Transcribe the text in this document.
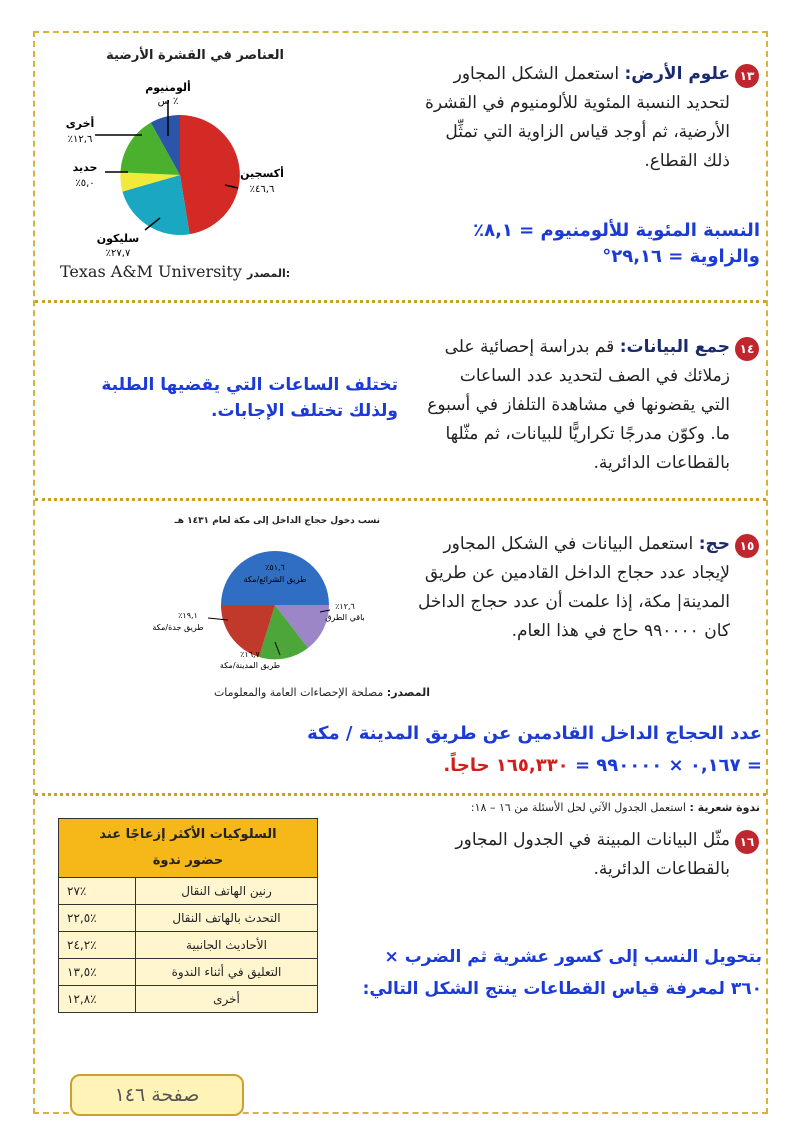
١٣
علوم الأرض: استعمل الشكل المجاور
لتحديد النسبة المئوية للألومنيوم في القشرة
الأرضية، ثم أوجد قياس الزاوية التي تمثِّل
ذلك القطاع.
النسبة المئوية للألومنيوم = ٨,١٪
والزاوية = ٢٩,١٦°
العناصر في القشرة الأرضية
ألومنيوم
س ٪
أخرى
٪١٢,٦
حديد
٪٥,٠
أكسجين
٪٤٦,٦
سليكون
٪٢٧,٧
Texas A&M University المصدر:
١٤
جمع البيانات: قم بدراسة إحصائية على
زملائك في الصف لتحديد عدد الساعات
التي يقضونها في مشاهدة التلفاز في أسبوع
ما. وكوّن مدرجًا تكراريًّا للبيانات، ثم مثّلها
بالقطاعات الدائرية.
تختلف الساعات التي يقضيها الطلبة
ولذلك تختلف الإجابات.
١٥
حج: استعمل البيانات في الشكل المجاور
لإيجاد عدد حجاج الداخل القادمين عن طريق
المدينة| مكة، إذا علمت أن عدد حجاج الداخل
كان ٩٩٠٠٠٠ حاج في هذا العام.
نسب دخول حجاج الداخل إلى مكة لعام ١٤٣١ هـ
٪٥١,٦
طريق الشرائع/مكة
٪١٢,٦
باقي الطرق
٪١٩,١
طريق جدة/مكة
٪١٦,٧
طريق المدينة/مكة
المصدر: مصلحة الإحصاءات العامة والمعلومات
عدد الحجاج الداخل القادمين عن طريق المدينة / مكة
= ٠,١٦٧ × ٩٩٠٠٠٠ = ١٦٥,٣٣٠ حاجاً.
ندوة شعرية : استعمل الجدول الآتي لحل الأسئلة من ١٦ – ١٨:
١٦
مثّل البيانات المبينة في الجدول المجاور
بالقطاعات الدائرية.
بتحويل النسب إلى كسور عشرية ثم الضرب ×
٣٦٠ لمعرفة قياس القطاعات ينتج الشكل التالي:
السلوكيات الأكثر إزعاجًا عند
حضور ندوة	

رنين الهاتف النقال	٪٢٧
التحدث بالهاتف النقال	٪٢٢,٥
الأحاديث الجانبية	٪٢٤,٢
التعليق في أثناء الندوة	٪١٣,٥
أخرى	٪١٢,٨
صفحة ١٤٦
